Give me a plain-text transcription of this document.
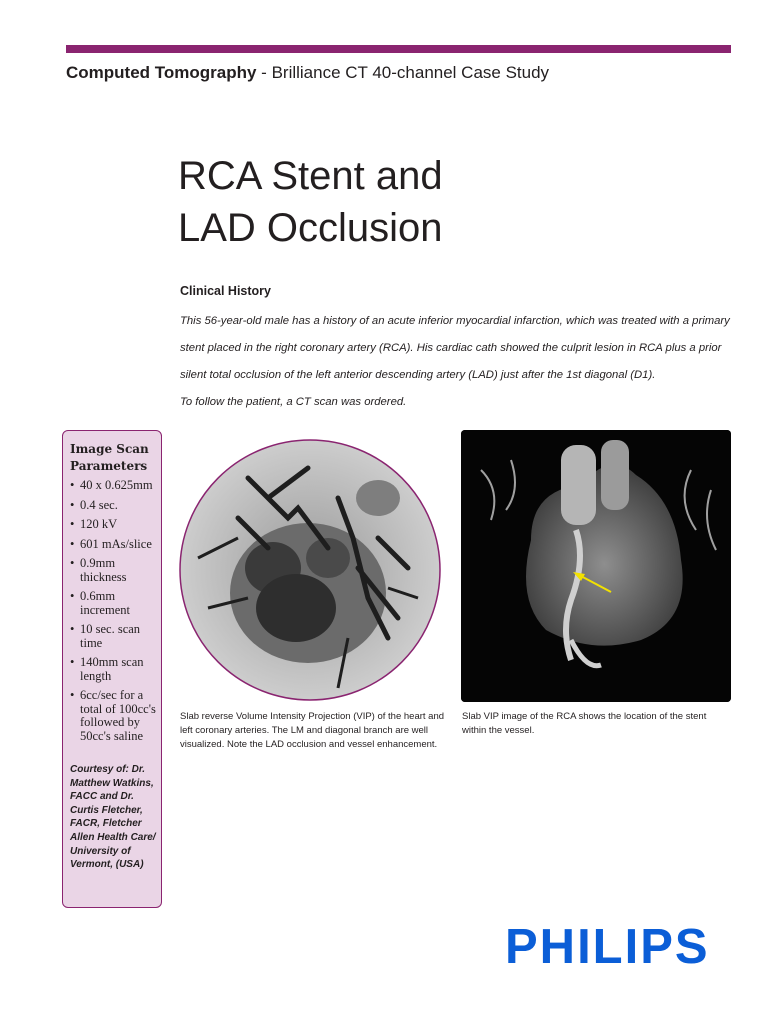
Computed Tomography - Brilliance CT 40-channel Case Study
RCA Stent and
LAD Occlusion
Clinical History

This 56-year-old male has a history of an acute inferior myocardial infarction, which was treated with a primary

stent placed in the right coronary artery (RCA). His cardiac cath showed the culprit lesion in RCA plus a prior

silent total occlusion of the left anterior descending artery (LAD) just after the 1st diagonal (D1).

To follow the patient, a CT scan was ordered.

Image Scan Parameters
• 40 x 0.625mm
• 0.4 sec.
• 120 kV
• 601 mAs/slice
• 0.9mm thickness
• 0.6mm increment
• 10 sec. scan time
• 140mm scan length
• 6cc/sec for a total of 100cc's followed by 50cc's saline

Courtesy of: Dr. Matthew Watkins, FACC and Dr. Curtis Fletcher, FACR, Fletcher Allen Health Care/ University of Vermont, (USA)

Slab reverse Volume Intensity Projection (VIP) of the heart and left coronary arteries. The LM and diagonal branch are well visualized. Note the LAD occlusion and vessel enhancement.

Slab VIP image of the RCA shows the location of the stent within the vessel.

PHILIPS
